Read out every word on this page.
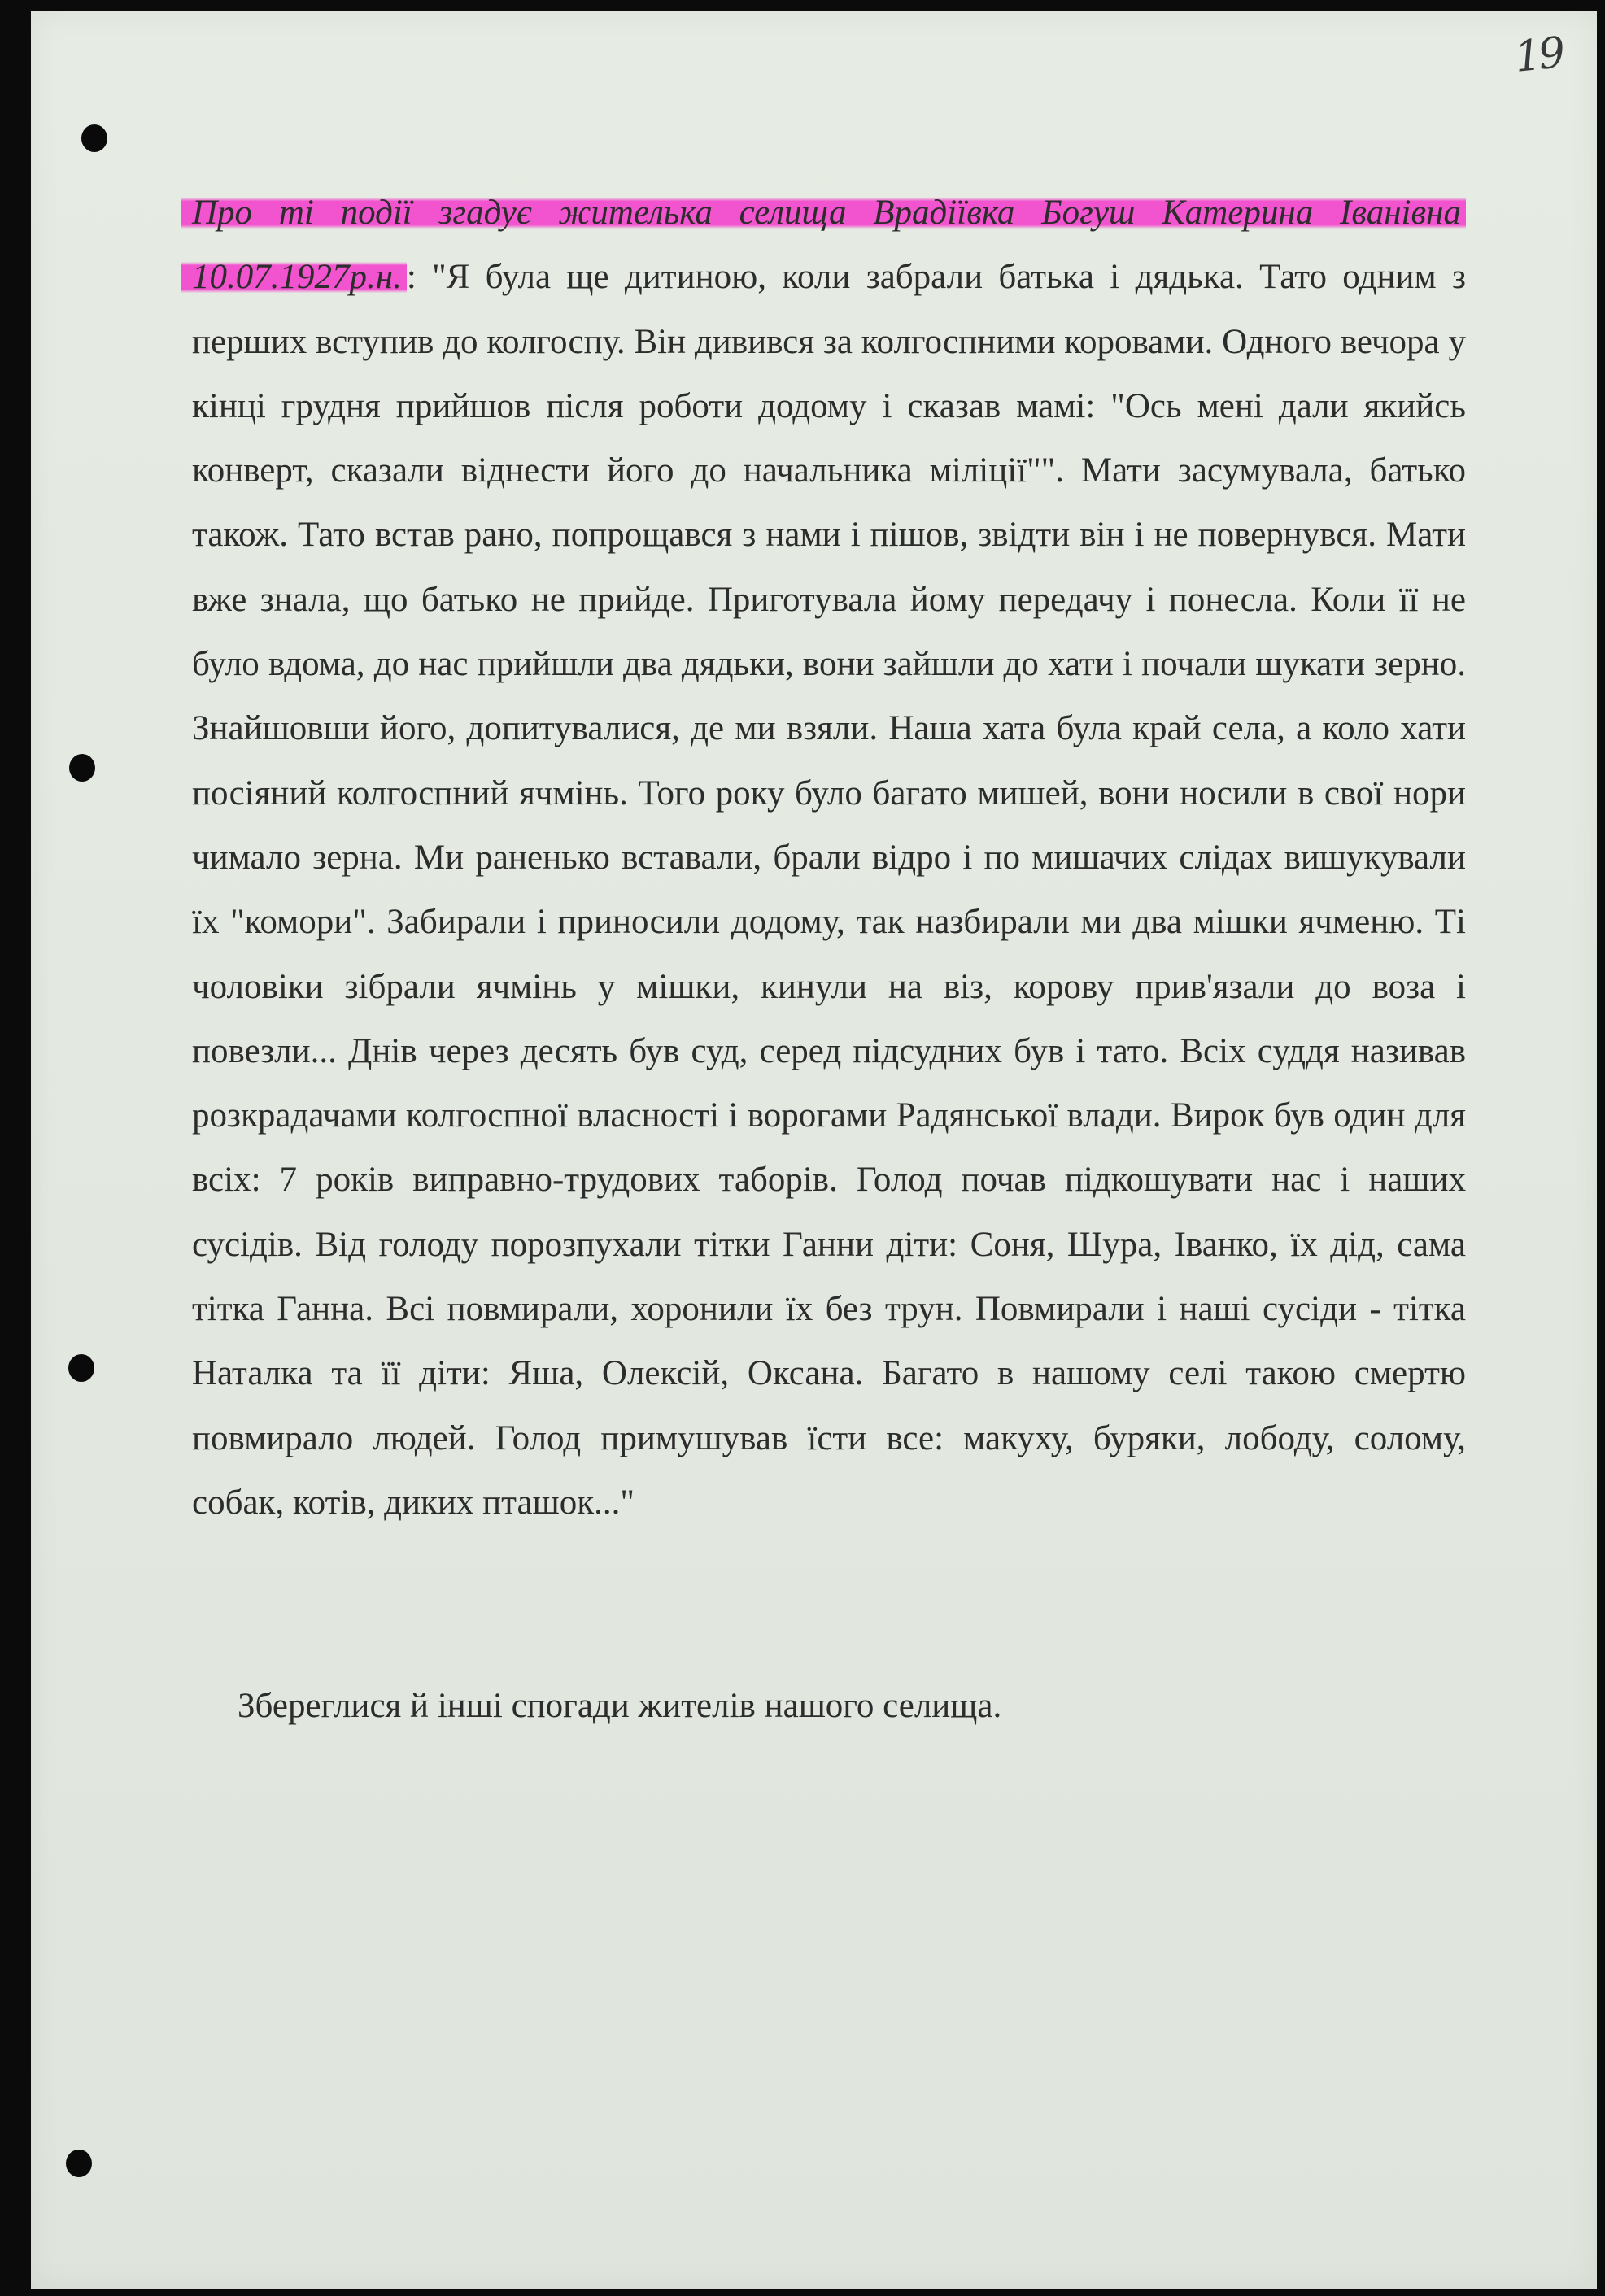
19

Про ті події згадує жителька селища Врадіївка Богуш Катерина Іванівна 10.07.1927р.н. : "Я була ще дитиною, коли забрали батька і дядька. Тато одним з перших вступив до колгоспу. Він дивився за колгоспними коровами. Одного вечора у кінці грудня прийшов після роботи додому і сказав мамі: "Ось мені дали якийсь конверт, сказали віднести його до начальника міліції"". Мати засумувала, батько також. Тато встав рано, попрощався з нами і пішов, звідти він і не повернувся. Мати вже знала, що батько не прийде. Приготувала йому передачу і понесла. Коли її не було вдома, до нас прийшли два дядьки, вони зайшли до хати і почали шукати зерно. Знайшовши його, допитувалися, де ми взяли. Наша хата була край села, а коло хати посіяний колгоспний ячмінь. Того року було багато мишей, вони носили в свої нори чимало зерна. Ми раненько вставали, брали відро і по мишачих слідах вишукували їх "комори". Забирали і приносили додому, так назбирали ми два мішки ячменю. Ті чоловіки зібрали ячмінь у мішки, кинули на віз, корову прив'язали до воза і повезли... Днів через десять був суд, серед підсудних був і тато. Всіх суддя називав розкрадачами колгоспної власності і ворогами Радянської влади. Вирок був один для всіх: 7 років виправно-трудових таборів. Голод почав підкошувати нас і наших сусідів. Від голоду порозпухали тітки Ганни діти: Соня, Шура, Іванко, їх дід, сама тітка Ганна. Всі повмирали, хоронили їх без трун. Повмирали і наші сусіди - тітка Наталка та її діти: Яша, Олексій, Оксана. Багато в нашому селі такою смертю повмирало людей. Голод примушував їсти все: макуху, буряки, лободу, солому, собак, котів, диких пташок..."

Збереглися й інші спогади жителів нашого селища.
